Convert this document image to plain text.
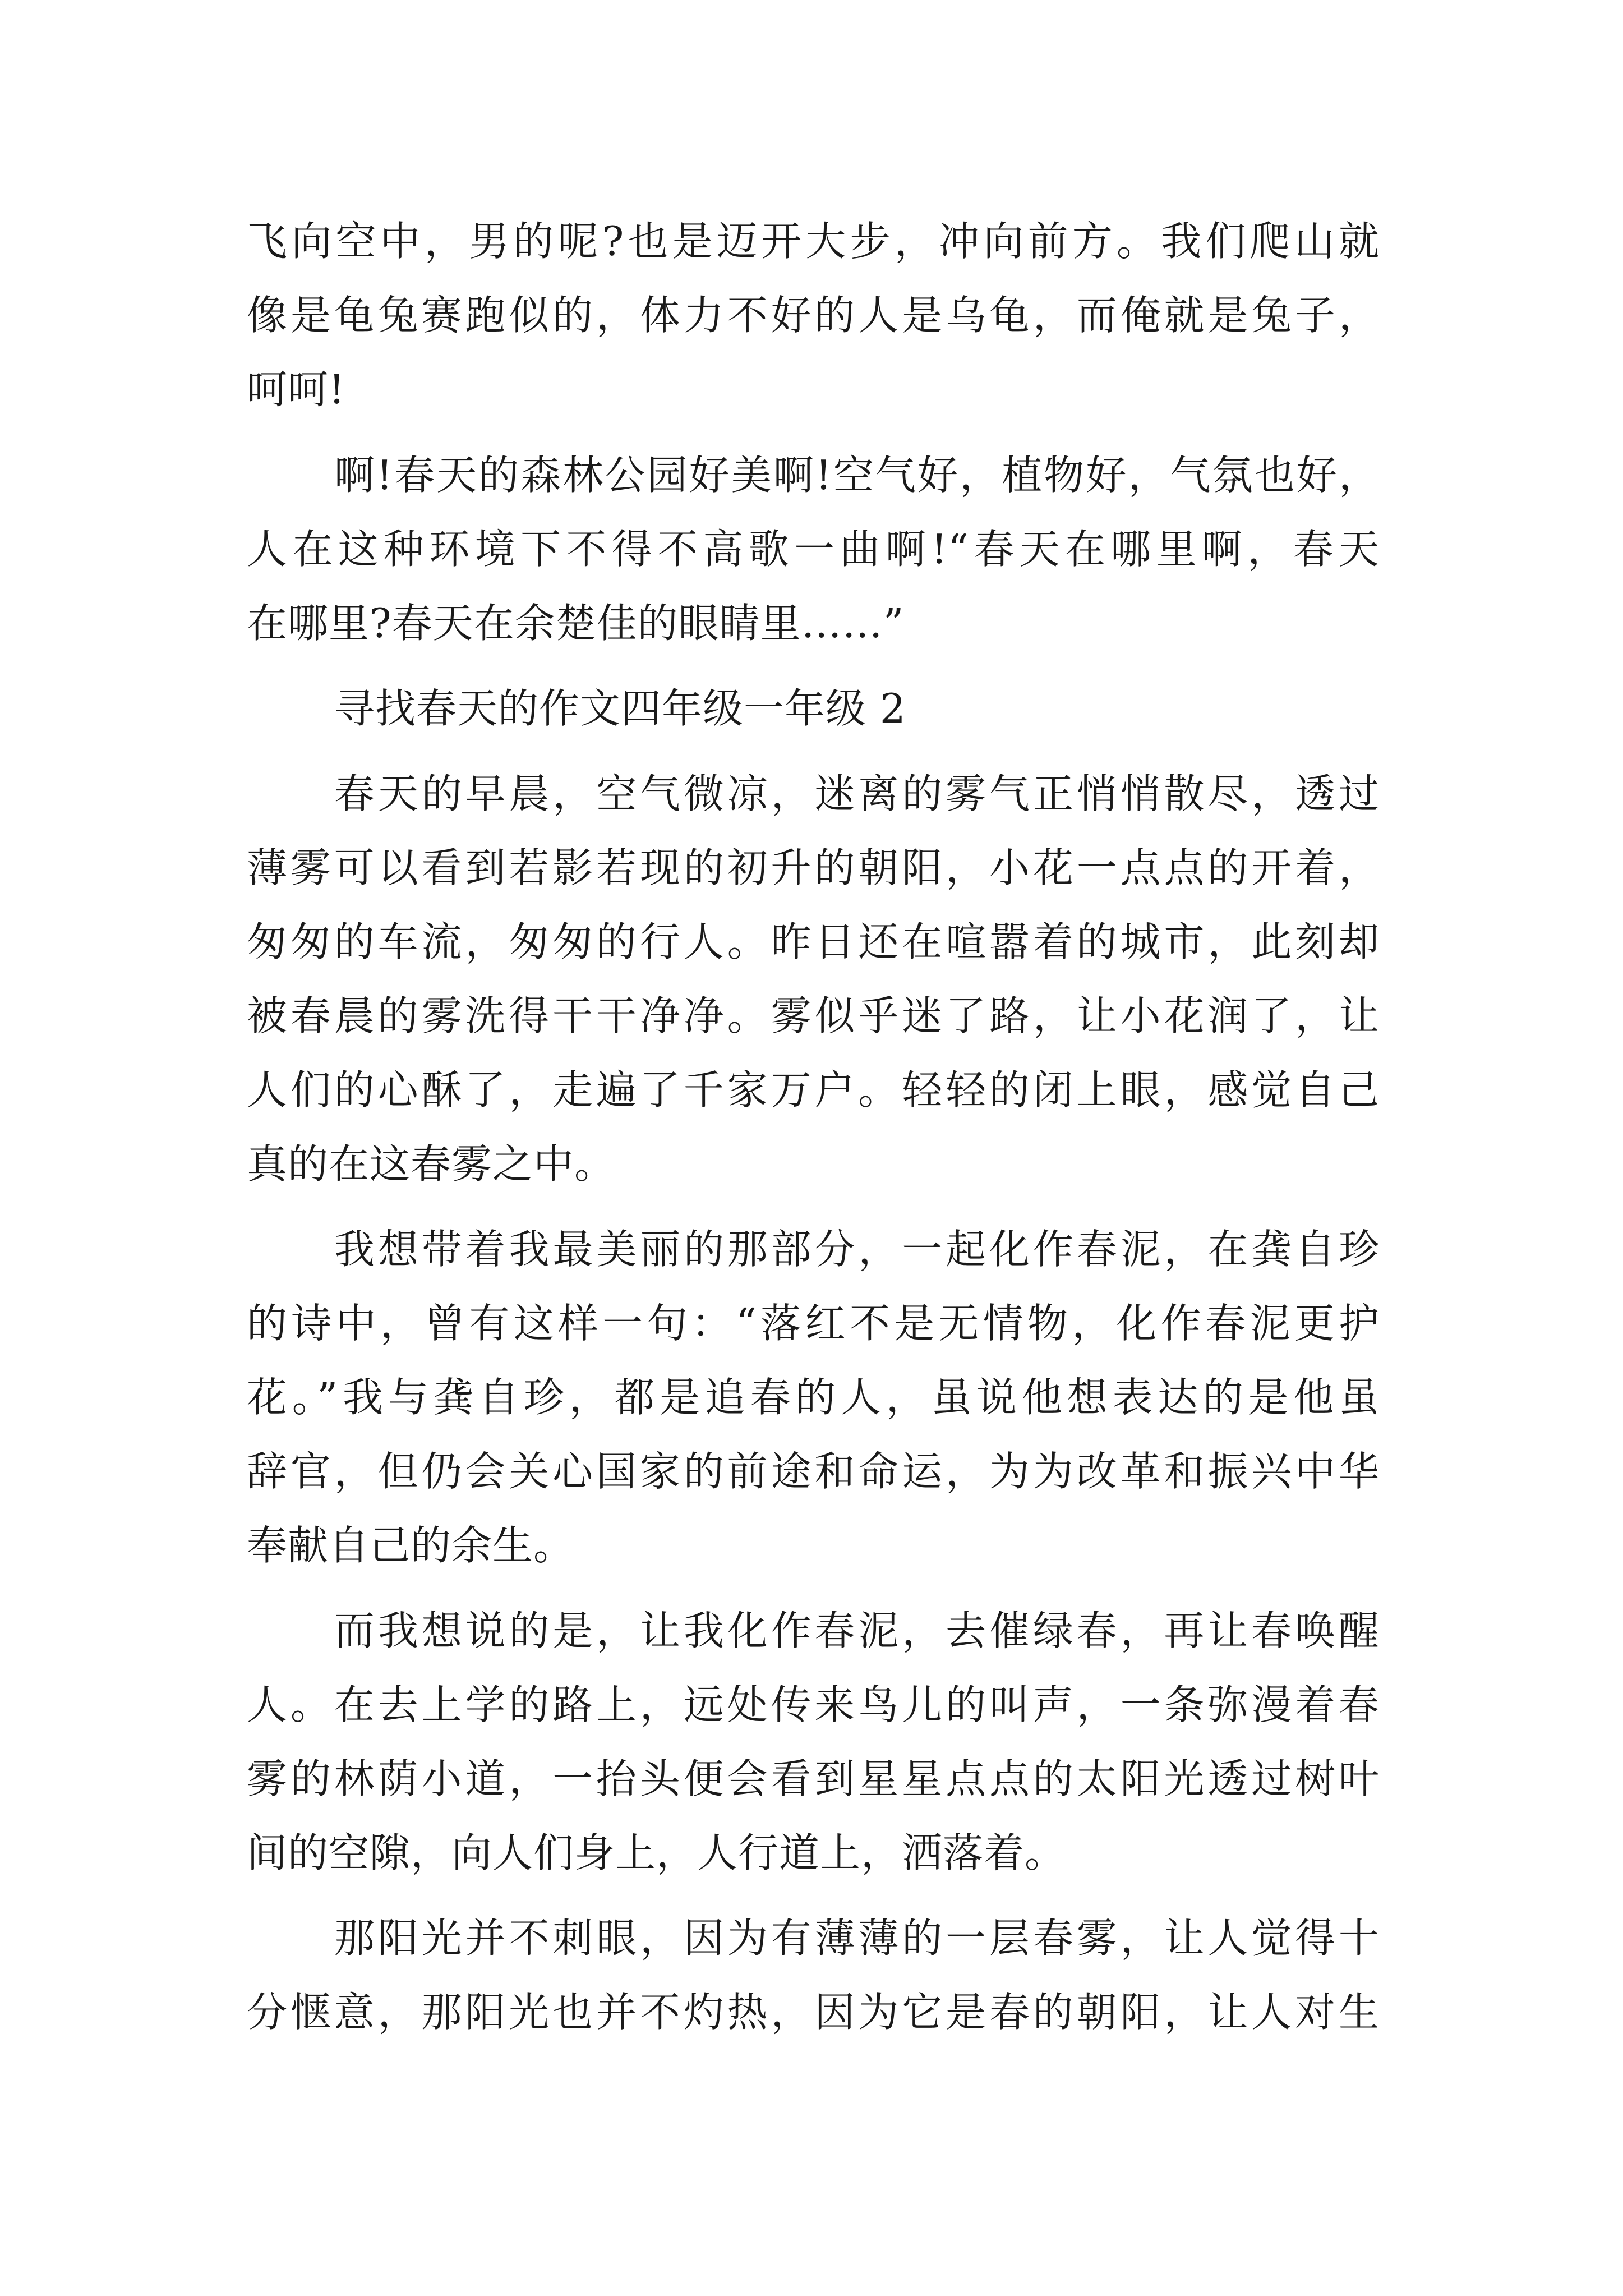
飞向空中，男的呢?也是迈开大步，冲向前方。我们爬山就

像是龟兔赛跑似的，体力不好的人是乌龟，而俺就是兔子，

呵呵!

啊!春天的森林公园好美啊!空气好，植物好，气氛也好，

人在这种环境下不得不高歌一曲啊!“春天在哪里啊，春天

在哪里?春天在余楚佳的眼睛里……”

寻找春天的作文四年级一年级 2

春天的早晨，空气微凉，迷离的雾气正悄悄散尽，透过

薄雾可以看到若影若现的初升的朝阳，小花一点点的开着，

匆匆的车流，匆匆的行人。昨日还在喧嚣着的城市，此刻却

被春晨的雾洗得干干净净。雾似乎迷了路，让小花润了，让

人们的心酥了，走遍了千家万户。轻轻的闭上眼，感觉自己

真的在这春雾之中。

我想带着我最美丽的那部分，一起化作春泥，在龚自珍

的诗中，曾有这样一句：“落红不是无情物，化作春泥更护

花。”我与龚自珍，都是追春的人，虽说他想表达的是他虽

辞官，但仍会关心国家的前途和命运，为为改革和振兴中华

奉献自己的余生。

而我想说的是，让我化作春泥，去催绿春，再让春唤醒

人。在去上学的路上，远处传来鸟儿的叫声，一条弥漫着春

雾的林荫小道，一抬头便会看到星星点点的太阳光透过树叶

间的空隙，向人们身上，人行道上，洒落着。

那阳光并不刺眼，因为有薄薄的一层春雾，让人觉得十

分惬意，那阳光也并不灼热，因为它是春的朝阳，让人对生
